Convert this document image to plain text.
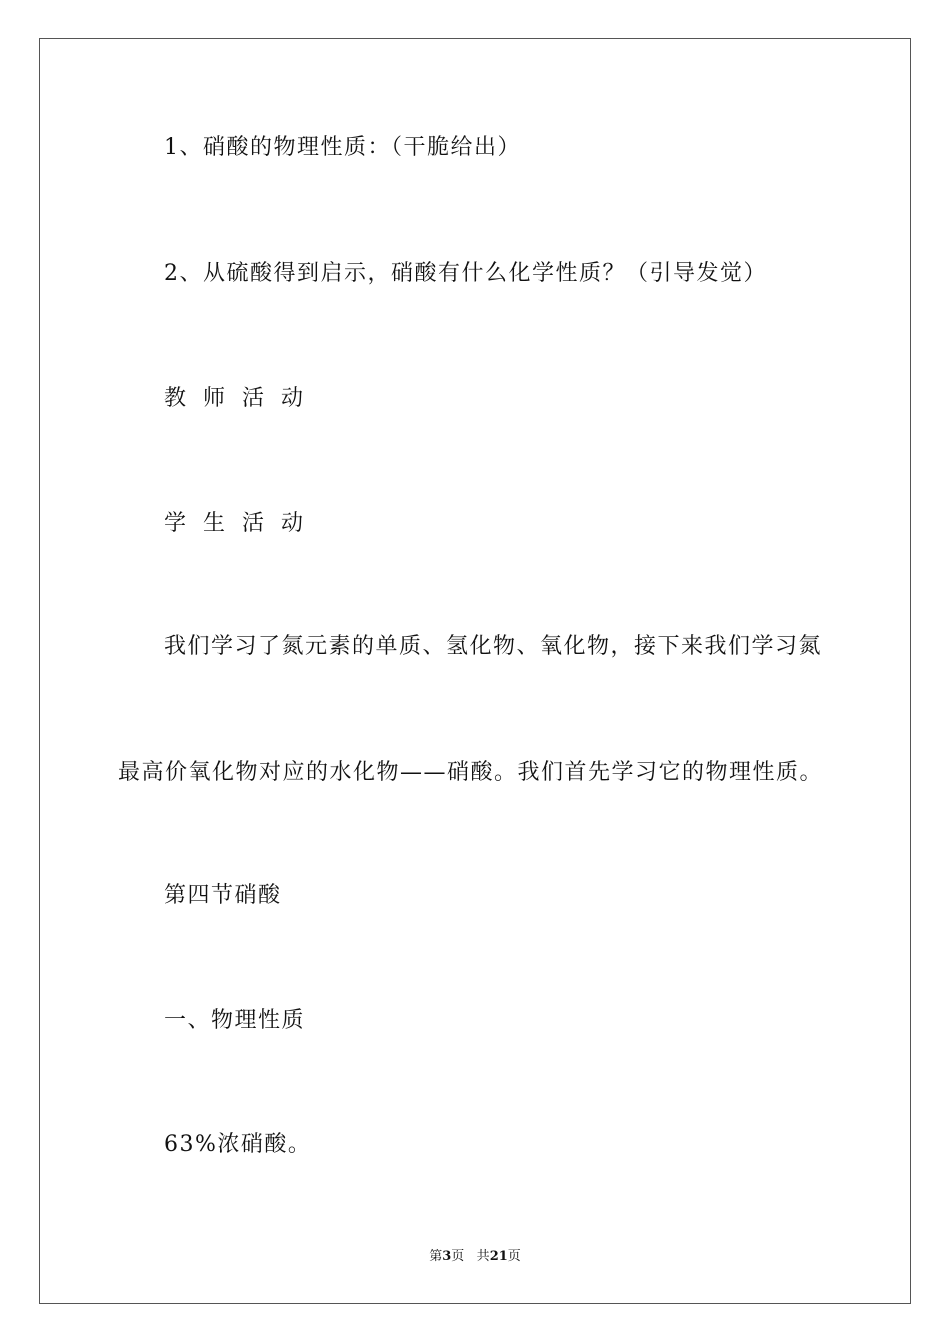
1、硝酸的物理性质：（干脆给出）
2、从硫酸得到启示，硝酸有什么化学性质？（引导发觉）
教师活动
学生活动
我们学习了氮元素的单质、氢化物、氧化物，接下来我们学习氮
最高价氧化物对应的水化物——硝酸。我们首先学习它的物理性质。
第四节硝酸
一、物理性质
63%浓硝酸。
第3页 共21页
